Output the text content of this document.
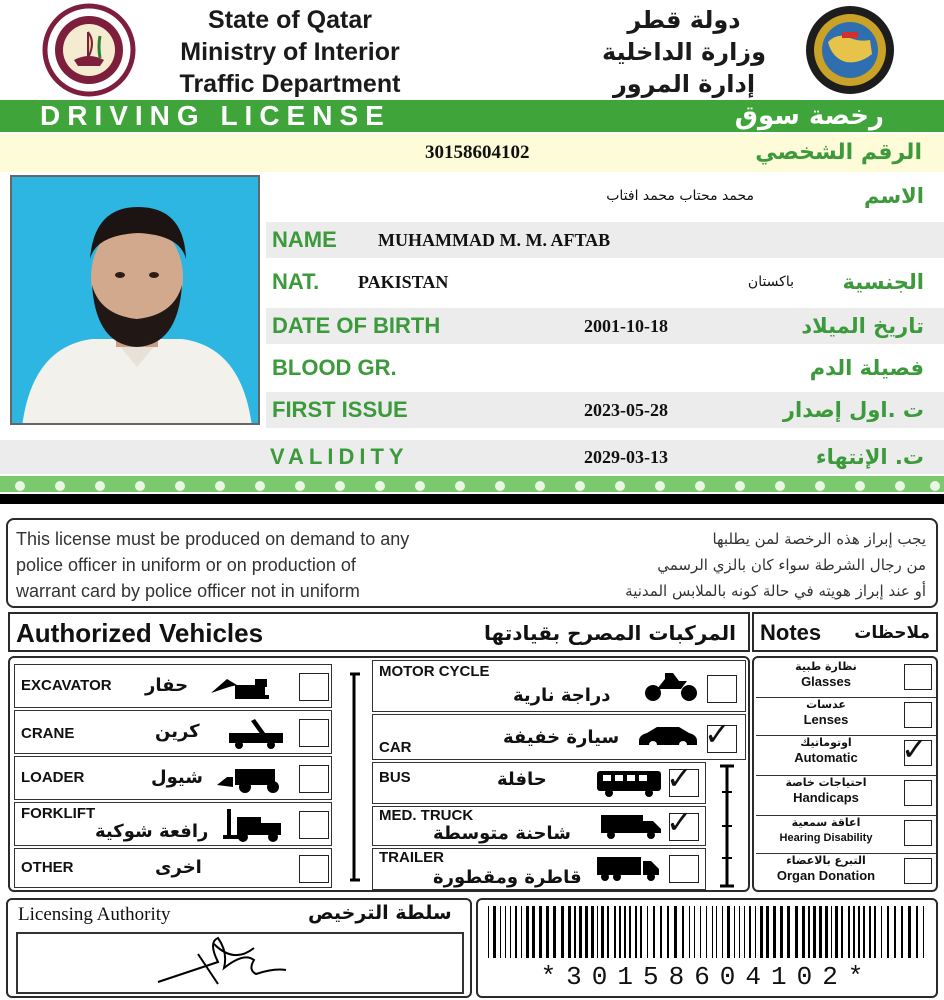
State of Qatar
Ministry of Interior
Traffic Department
دولة قطر
وزارة الداخلية
إدارة المرور
DRIVING LICENSE	رخصة سوق
30158604102	الرقم الشخصي
محمد محتاب محمد افتاب	الاسم
NAME MUHAMMAD M. M. AFTAB
NAT. PAKISTAN	باكستان الجنسية
DATE OF BIRTH	2001-10-18	تاريخ الميلاد
BLOOD GR.	فصيلة الدم
FIRST ISSUE	2023-05-28	ت .اول إصدار
VALIDITY	2029-03-13	ت. الإنتهاء
This license must be produced on demand to any
police officer in uniform or on production of
warrant card by police officer not in uniform
يجب إبراز هذه الرخصة لمن يطلبها
من رجال الشرطة سواء كان بالزي الرسمي
أو عند إبراز هويته في حالة كونه بالملابس المدنية
Authorized Vehicles	المركبات المصرح بقيادتها Notes ملاحظات
EXCAVATOR حفار
CRANE	كرين
LOADER	شيول
FORKLIFT
رافعة شوكية
OTHER	اخرى
MOTOR CYCLE
دراجة نارية
CAR	سيارة خفيفة	✓
BUS	حافلة	✓
MED. TRUCK
شاحنة متوسطة	✓
TRAILER
قاطرة ومقطورة
نظارة طبية
Glasses
عدسات
Lenses
اوتوماتيك
Automatic	✓
احتياجات خاصة
Handicaps
اعاقة سمعية
Hearing Disability
التبرع بالاعضاء
Organ Donation
Licensing Authority	سلطة الترخيص
*30158604102*
